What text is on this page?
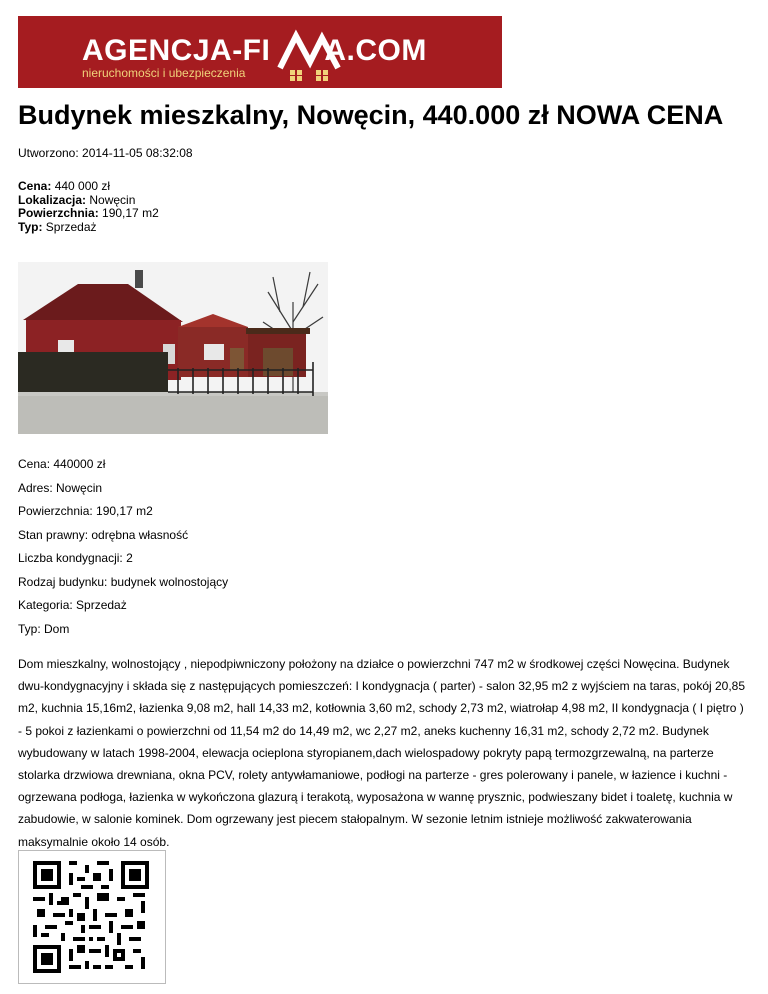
AGENCJA-FI A.COM
nieruchomości i ubezpieczenia
Budynek mieszkalny, Nowęcin, 440.000 zł NOWA CENA
Utworzono: 2014-11-05 08:32:08
Cena: 440 000 zł
Lokalizacja: Nowęcin
Powierzchnia: 190,17 m2
Typ: Sprzedaż
Cena: 440000 zł
Adres: Nowęcin
Powierzchnia: 190,17 m2
Stan prawny: odrębna własność
Liczba kondygnacji: 2
Rodzaj budynku: budynek wolnostojący
Kategoria: Sprzedaż
Typ: Dom

Dom mieszkalny, wolnostojący , niepodpiwniczony położony na działce o powierzchni 747 m2 w środkowej części Nowęcina. Budynek dwu-kondygnacyjny i składa się z następujących pomieszczeń: I kondygnacja ( parter) - salon 32,95 m2 z wyjściem na taras, pokój 20,85 m2, kuchnia 15,16m2, łazienka 9,08 m2, hall 14,33 m2, kotłownia 3,60 m2, schody 2,73 m2, wiatrołap 4,98 m2, II kondygnacja ( I piętro ) - 5 pokoi z łazienkami o powierzchni od 11,54 m2 do 14,49 m2, wc 2,27 m2, aneks kuchenny 16,31 m2, schody 2,72 m2. Budynek wybudowany w latach 1998-2004, elewacja ocieplona styropianem,dach wielospadowy pokryty papą termozgrzewalną, na parterze stolarka drzwiowa drewniana, okna PCV, rolety antywłamaniowe, podłogi na parterze - gres polerowany i panele, w łazience i kuchni - ogrzewana podłoga, łazienka w wykończona glazurą i terakotą, wyposażona w wannę prysznic, podwieszany bidet i toaletę, kuchnia w zabudowie, w salonie kominek. Dom ogrzewany jest piecem stałopalnym. W sezonie letnim istnieje możliwość zakwaterowania maksymalnie około 14 osób.
